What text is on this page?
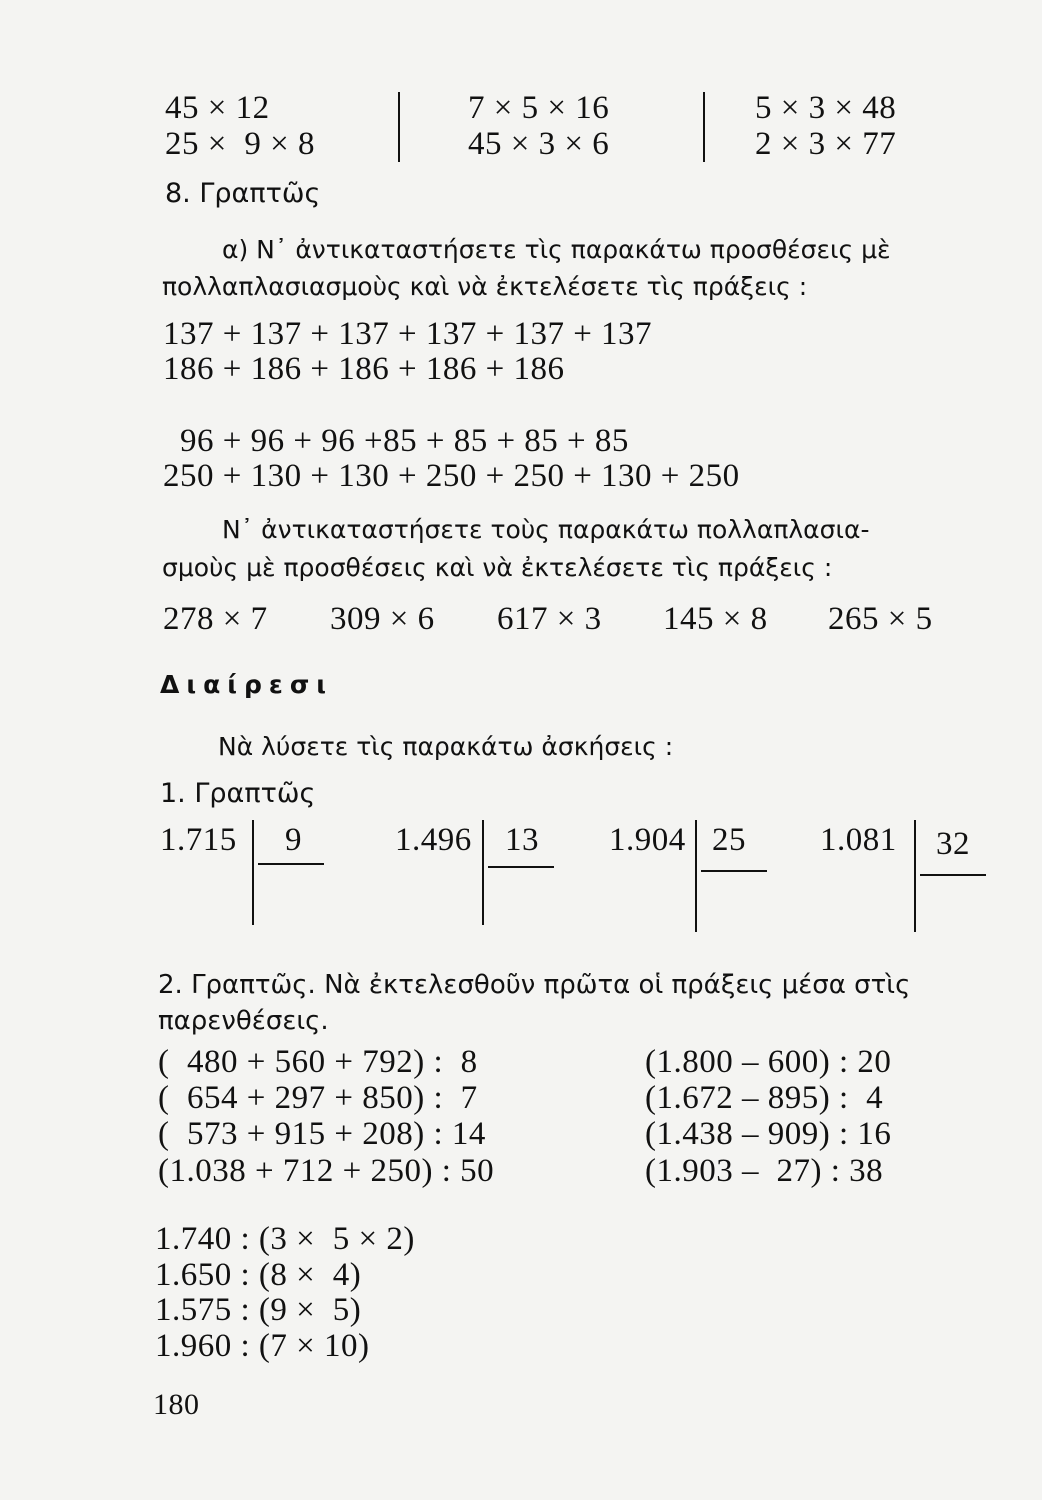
45 × 12
25 ×  9 × 8
7 × 5 × 16
45 × 3 × 6
5 × 3 × 48
2 × 3 × 77
8. Γραπτῶς
α) Ν᾽ ἀντικαταστήσετε τὶς παρακάτω προσθέσεις μὲ
πολλαπλασιασμοὺς καὶ νὰ ἐκτελέσετε τὶς πράξεις :
137 + 137 + 137 + 137 + 137 + 137
186 + 186 + 186 + 186 + 186
96 + 96 + 96 +85 + 85 + 85 + 85
250 + 130 + 130 + 250 + 250 + 130 + 250
Ν᾽ ἀντικαταστήσετε τοὺς παρακάτω πολλαπλασια-
σμοὺς μὲ προσθέσεις καὶ νὰ ἐκτελέσετε τὶς πράξεις :
278 × 7 309 × 6 617 × 3 145 × 8 265 × 5
Διαίρεσι
Νὰ λύσετε τὶς παρακάτω ἀσκήσεις :
1. Γραπτῶς
1.715 9	1.496 13 1.904 25 1.081 32
2. Γραπτῶς. Νὰ ἐκτελεσθοῦν πρῶτα οἱ πράξεις μέσα στὶς
παρενθέσεις.
(  480 + 560 + 792) :  8
(  654 + 297 + 850) :  7
(  573 + 915 + 208) : 14
(1.038 + 712 + 250) : 50
(1.800 – 600) : 20
(1.672 – 895) :  4
(1.438 – 909) : 16
(1.903 –  27) : 38
1.740 : (3 ×  5 × 2)
1.650 : (8 ×  4)
1.575 : (9 ×  5)
1.960 : (7 × 10)
180
